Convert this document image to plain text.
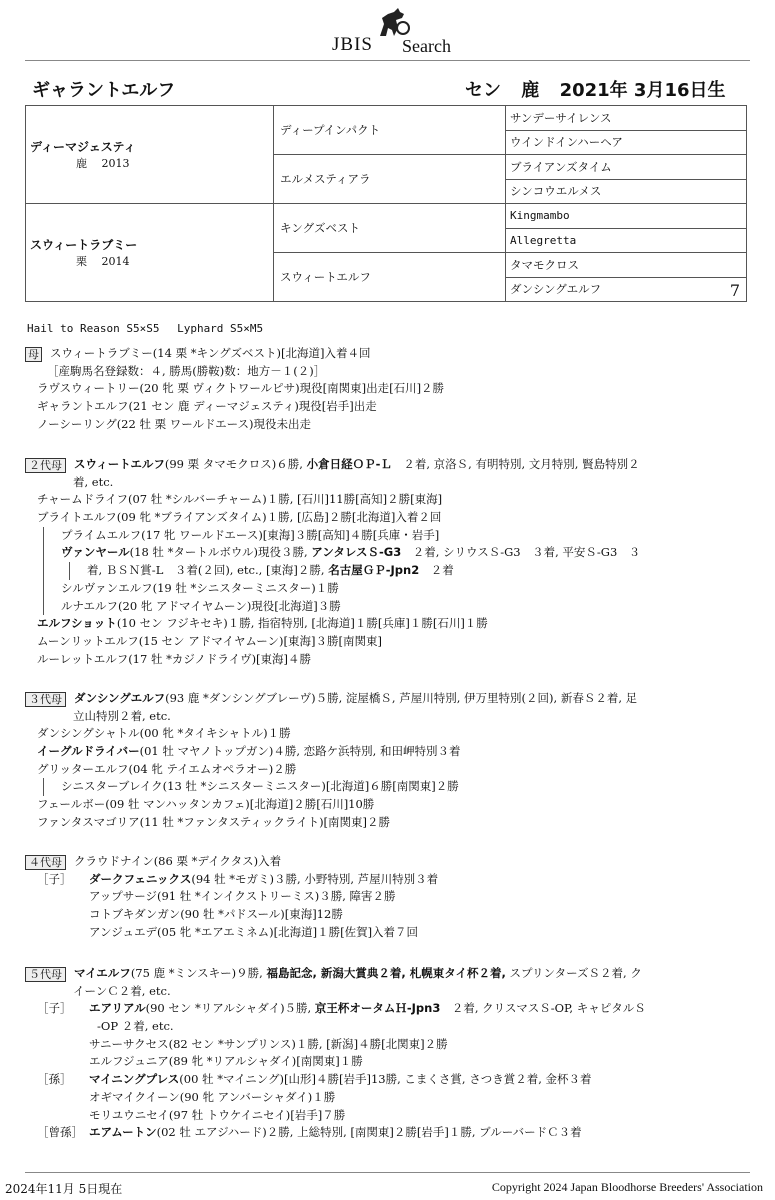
JBIS Search
ギャラントエルフ	セン 鹿 2021年 3月16日生
ディーマジェスティ
鹿　 2013	ディープインパクト	サンデーサイレンス
		ウインドインハーヘア
	エルメスティアラ	ブライアンズタイム
		シンコウエルメス

スウィートラブミー
栗　 2014	キングズベスト	Kingmambo
		Allegretta
	スウィートエルフ	タマモクロス
		ダンシングエルフ 7
Hail to Reason S5×S5　 Lyphard S5×M5
母 スウィートラブミー(14 栗 *キングズベスト)[北海道]入着４回
［産駒馬名登録数：４, 勝馬(勝鞍)数：地方－１(２)］
ラヴスウィートリー(20 牝 栗 ヴィクトワールピサ)現役[南関東]出走[石川]２勝
ギャラントエルフ(21 セン 鹿 ディーマジェスティ)現役[岩手]出走
ノーシーリング(22 牡 栗 ワールドエース)現役未出走
２代母 スウィートエルフ(99 栗 タマモクロス)６勝, 小倉日経ＯＰ-Ｌ　 ２着, 京洛Ｓ, 有明特別, 文月特別, 賢島特別２
着, etc.
チャームドライフ(07 牡 *シルバーチャーム)１勝, [石川]11勝[高知]２勝[東海]
ブライトエルフ(09 牝 *ブライアンズタイム)１勝, [広島]２勝[北海道]入着２回
プライムエルフ(17 牝 ワールドエース)[東海]３勝[高知]４勝[兵庫・岩手]
ヴァンヤール(18 牡 *タートルボウル)現役３勝, アンタレスＳ-G3　 ２着, シリウスＳ-G3　３着, 平安Ｓ-G3　３
着, ＢＳＮ賞-L　３着(２回), etc., [東海]２勝, 名古屋ＧＰ-Jpn2　 ２着
シルヴァンエルフ(19 牡 *シニスターミニスター)１勝
ルナエルフ(20 牝 アドマイヤムーン)現役[北海道]３勝
エルフショット(10 セン フジキセキ)１勝, 指宿特別, [北海道]１勝[兵庫]１勝[石川]１勝
ムーンリットエルフ(15 セン アドマイヤムーン)[東海]３勝[南関東]
ルーレットエルフ(17 牡 *カジノドライヴ)[東海]４勝
３代母 ダンシングエルフ(93 鹿 *ダンシングブレーヴ)５勝, 淀屋橋Ｓ, 芦屋川特別, 伊万里特別(２回), 新春Ｓ２着, 足
立山特別２着, etc.
ダンシングシャトル(00 牝 *タイキシャトル)１勝
イーグルドライバー(01 牡 マヤノトップガン)４勝, 恋路ケ浜特別, 和田岬特別３着
グリッターエルフ(04 牝 テイエムオペラオー)２勝
シニスターブレイク(13 牡 *シニスターミニスター)[北海道]６勝[南関東]２勝
フェールボー(09 牡 マンハッタンカフェ)[北海道]２勝[石川]10勝
ファンタスマゴリア(11 牡 *ファンタスティックライト)[南関東]２勝
４代母 クラウドナイン(86 栗 *デイクタス)入着
［子］ ダークフェニックス(94 牡 *モガミ)３勝, 小野特別, 芦屋川特別３着
アップサージ(91 牡 *インイクストリーミス)３勝, 障害２勝
コトブキダンガン(90 牡 *パドスール)[東海]12勝
アンジュエデ(05 牝 *エアエミネム)[北海道]１勝[佐賀]入着７回
５代母 マイエルフ(75 鹿 *ミンスキー)９勝, 福島記念, 新潟大賞典２着, 札幌東タイ杯２着, スプリンターズＳ２着, ク
イーンＣ２着, etc.
［子］ エアリアル(90 セン *リアルシャダイ)５勝, 京王杯オータムＨ-Jpn3　 ２着, クリスマスＳ-OP, キャピタルＳ
-OP ２着, etc.
サニーサクセス(82 セン *サンプリンス)１勝, [新潟]４勝[北関東]２勝
エルフジュニア(89 牝 *リアルシャダイ)[南関東]１勝
［孫］ マイニングプレス(00 牡 *マイニング)[山形]４勝[岩手]13勝, こまくさ賞, さつき賞２着, 金杯３着
オギマイクイーン(90 牝 アンバーシャダイ)１勝
モリユウニセイ(97 牡 トウケイニセイ)[岩手]７勝
［曾孫］ エアムートン(02 牡 エアジハード)２勝, 上総特別, [南関東]２勝[岩手]１勝, ブルーバードＣ３着
2024年11月 5日現在	Copyright 2024 Japan Bloodhorse Breeders' Association
